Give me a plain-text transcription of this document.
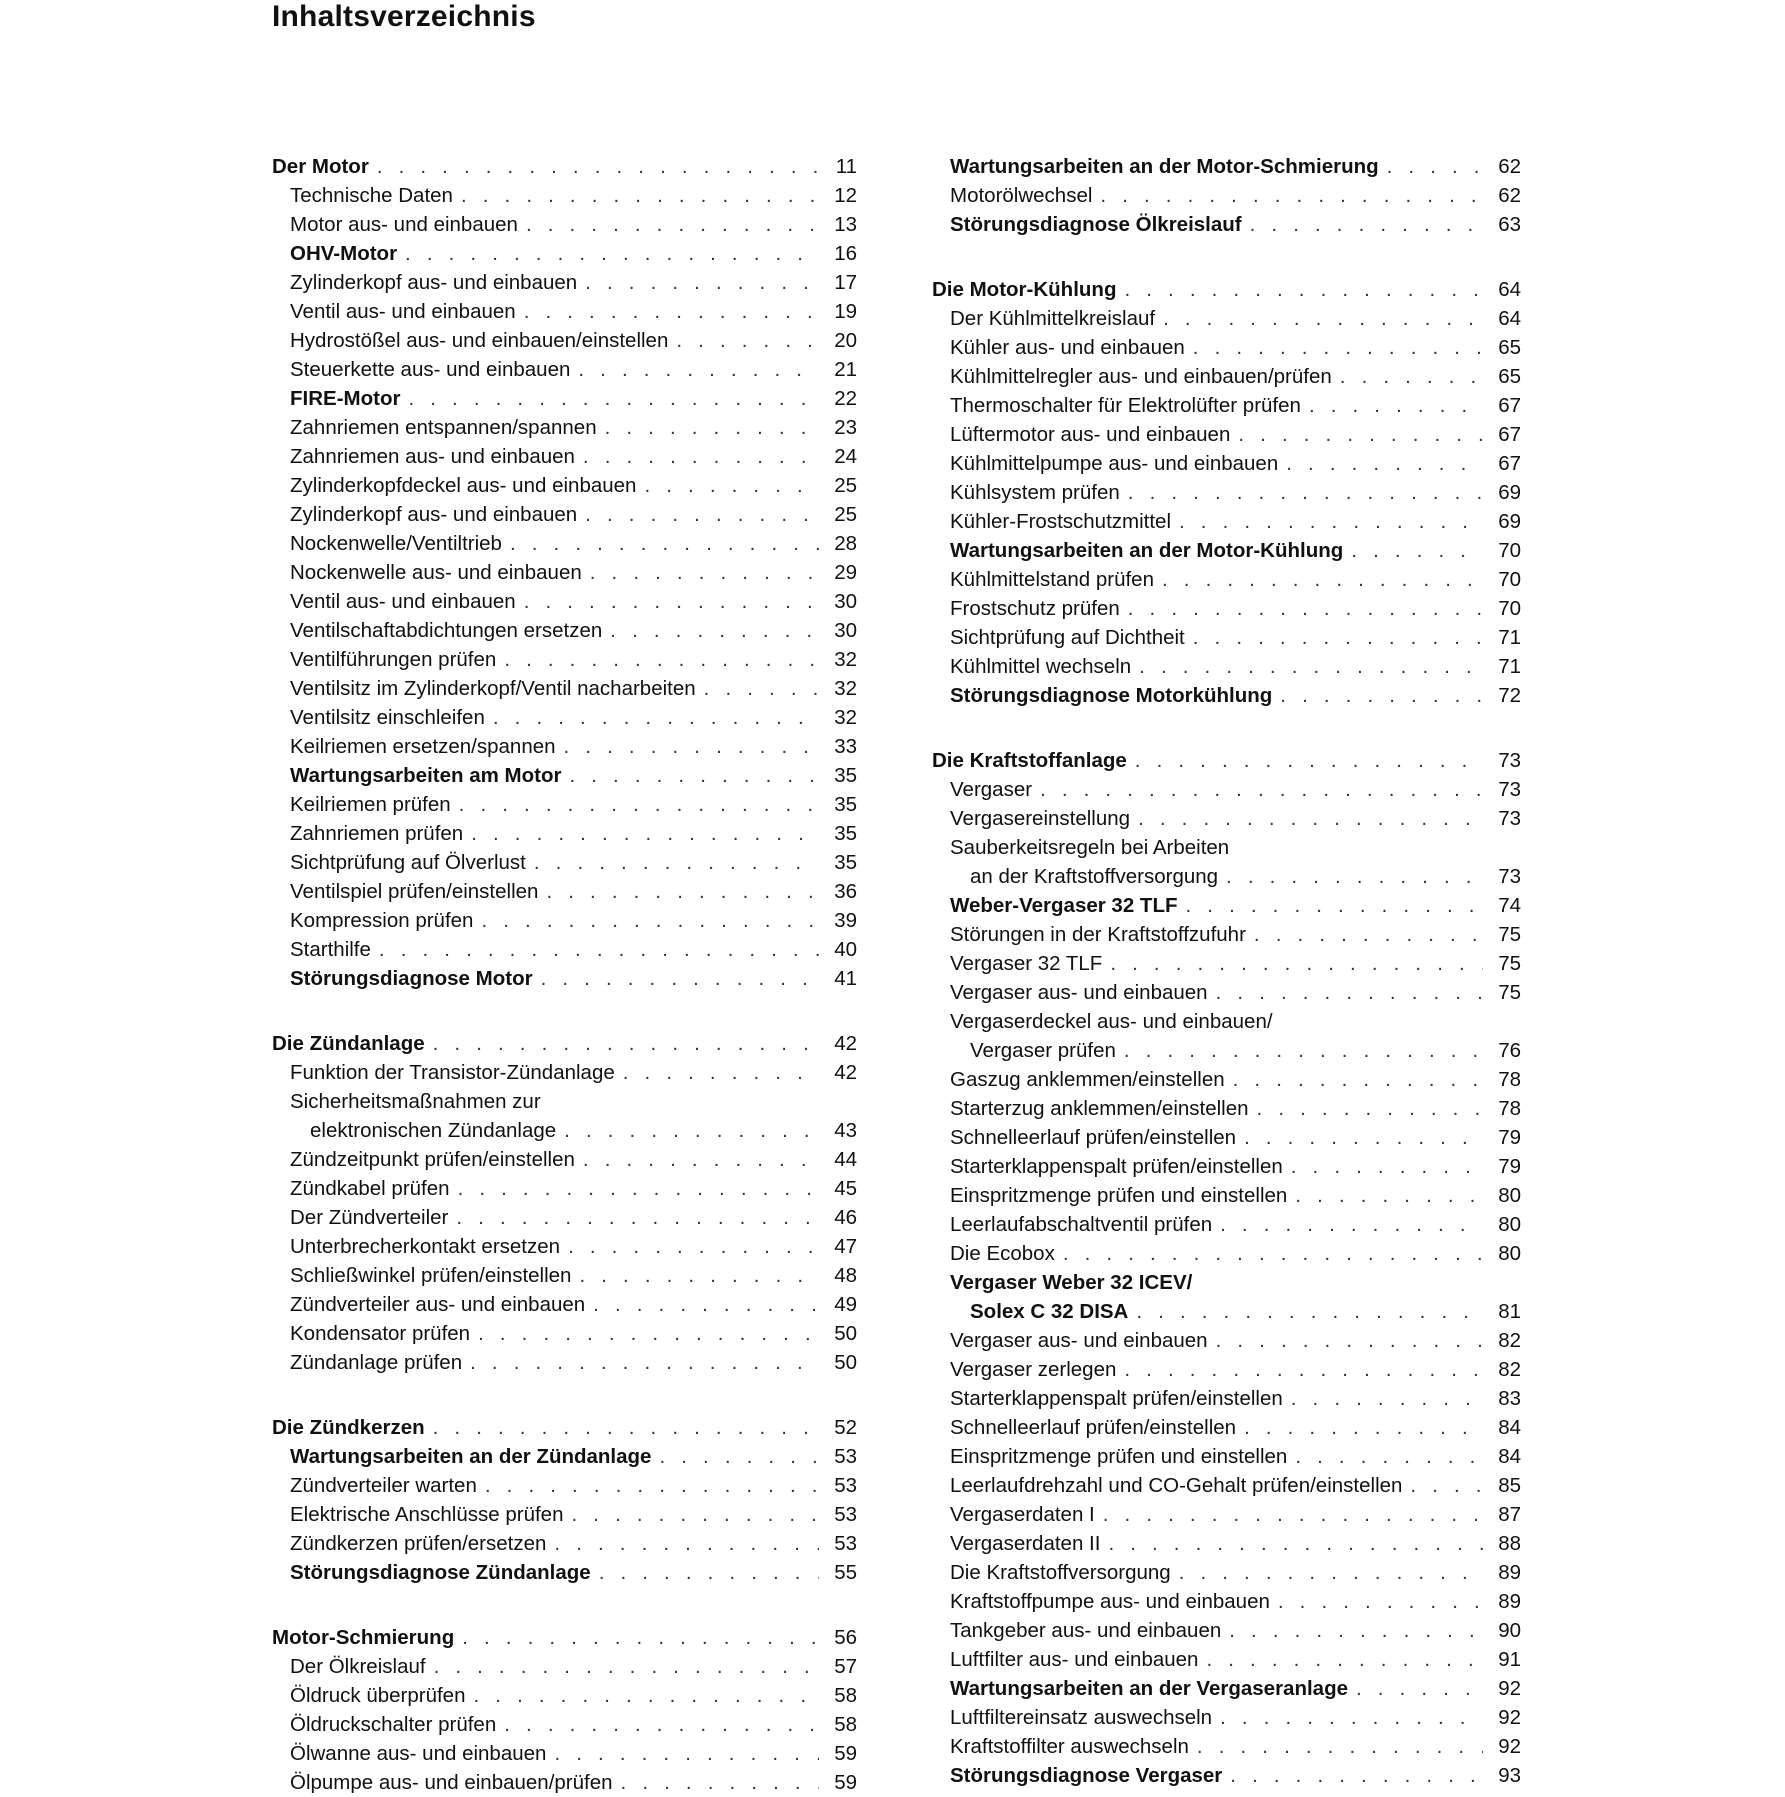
Inhaltsverzeichnis
Der Motor . . .	11
Technische Daten . . .	12
Motor aus- und einbauen . . .	13
OHV-Motor . . .	16
Zylinderkopf aus- und einbauen . . .	17
Ventil aus- und einbauen . . .	19
Hydrostößel aus- und einbauen/einstellen . . .	20
Steuerkette aus- und einbauen . . .	21
FIRE-Motor . . .	22
Zahnriemen entspannen/spannen . . .	23
Zahnriemen aus- und einbauen . . .	24
Zylinderkopfdeckel aus- und einbauen . . .	25
Zylinderkopf aus- und einbauen . . .	25
Nockenwelle/Ventiltrieb . . .	28
Nockenwelle aus- und einbauen . . .	29
Ventil aus- und einbauen . . .	30
Ventilschaftabdichtungen ersetzen . . .	30
Ventilführungen prüfen . . .	32
Ventilsitz im Zylinderkopf/Ventil nacharbeiten . . .	32
Ventilsitz einschleifen . . .	32
Keilriemen ersetzen/spannen . . .	33
Wartungsarbeiten am Motor . . .	35
Keilriemen prüfen . . .	35
Zahnriemen prüfen . . .	35
Sichtprüfung auf Ölverlust . . .	35
Ventilspiel prüfen/einstellen . . .	36
Kompression prüfen . . .	39
Starthilfe . . .	40
Störungsdiagnose Motor . . .	41
Die Zündanlage . . .	42
Funktion der Transistor-Zündanlage . . .	42
Sicherheitsmaßnahmen zur
elektronischen Zündanlage . . .	43
Zündzeitpunkt prüfen/einstellen . . .	44
Zündkabel prüfen . . .	45
Der Zündverteiler . . .	46
Unterbrecherkontakt ersetzen . . .	47
Schließwinkel prüfen/einstellen . . .	48
Zündverteiler aus- und einbauen . . .	49
Kondensator prüfen . . .	50
Zündanlage prüfen . . .	50
Die Zündkerzen . . .	52
Wartungsarbeiten an der Zündanlage . . .	53
Zündverteiler warten . . .	53
Elektrische Anschlüsse prüfen . . .	53
Zündkerzen prüfen/ersetzen . . .	53
Störungsdiagnose Zündanlage . . .	55
Motor-Schmierung . . .	56
Der Ölkreislauf . . .	57
Öldruck überprüfen . . .	58
Öldruckschalter prüfen . . .	58
Ölwanne aus- und einbauen . . .	59
Ölpumpe aus- und einbauen/prüfen . . .	59
Wartungsarbeiten an der Motor-Schmierung . . .	62
Motorölwechsel . . .	62
Störungsdiagnose Ölkreislauf . . .	63
Die Motor-Kühlung . . .	64
Der Kühlmittelkreislauf . . .	64
Kühler aus- und einbauen . . .	65
Kühlmittelregler aus- und einbauen/prüfen . . .	65
Thermoschalter für Elektrolüfter prüfen . . .	67
Lüftermotor aus- und einbauen . . .	67
Kühlmittelpumpe aus- und einbauen . . .	67
Kühlsystem prüfen . . .	69
Kühler-Frostschutzmittel . . .	69
Wartungsarbeiten an der Motor-Kühlung . . .	70
Kühlmittelstand prüfen . . .	70
Frostschutz prüfen . . .	70
Sichtprüfung auf Dichtheit . . .	71
Kühlmittel wechseln . . .	71
Störungsdiagnose Motorkühlung . . .	72
Die Kraftstoffanlage . . .	73
Vergaser . . .	73
Vergasereinstellung . . .	73
Sauberkeitsregeln bei Arbeiten
an der Kraftstoffversorgung . . .	73
Weber-Vergaser 32 TLF . . .	74
Störungen in der Kraftstoffzufuhr . . .	75
Vergaser 32 TLF . . .	75
Vergaser aus- und einbauen . . .	75
Vergaserdeckel aus- und einbauen/
Vergaser prüfen . . .	76
Gaszug anklemmen/einstellen . . .	78
Starterzug anklemmen/einstellen . . .	78
Schnelleerlauf prüfen/einstellen . . .	79
Starterklappenspalt prüfen/einstellen . . .	79
Einspritzmenge prüfen und einstellen . . .	80
Leerlaufabschaltventil prüfen . . .	80
Die Ecobox . . .	80
Vergaser Weber 32 ICEV/
Solex C 32 DISA . . .	81
Vergaser aus- und einbauen . . .	82
Vergaser zerlegen . . .	82
Starterklappenspalt prüfen/einstellen . . .	83
Schnelleerlauf prüfen/einstellen . . .	84
Einspritzmenge prüfen und einstellen . . .	84
Leerlaufdrehzahl und CO-Gehalt prüfen/einstellen . . .	85
Vergaserdaten I . . .	87
Vergaserdaten II . . .	88
Die Kraftstoffversorgung . . .	89
Kraftstoffpumpe aus- und einbauen . . .	89
Tankgeber aus- und einbauen . . .	90
Luftfilter aus- und einbauen . . .	91
Wartungsarbeiten an der Vergaseranlage . . .	92
Luftfiltereinsatz auswechseln . . .	92
Kraftstoffilter auswechseln . . .	92
Störungsdiagnose Vergaser . . .	93
